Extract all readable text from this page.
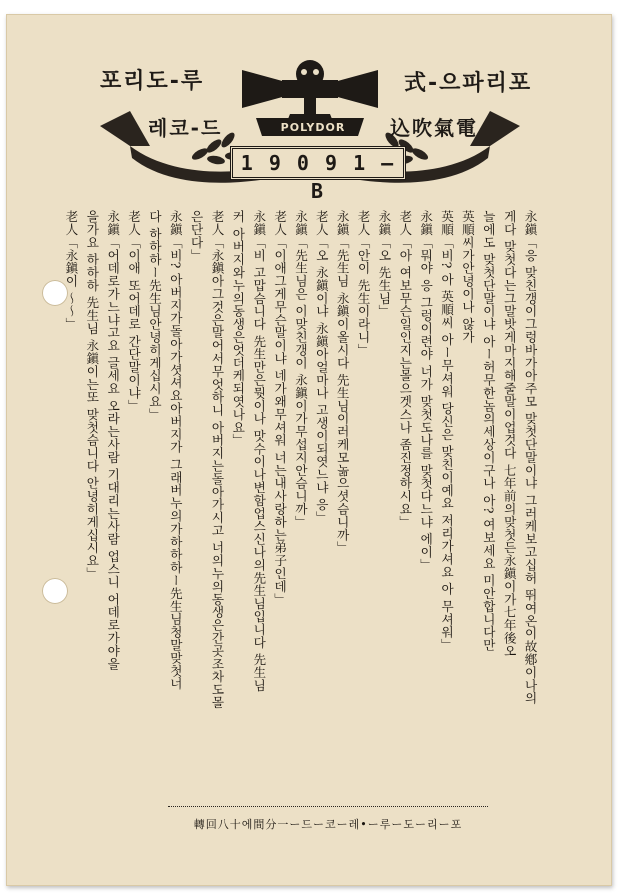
포리도-루
레코-드
式-으파리포
込吹氣電
POLYDOR
1 9 0 9 1 — B
永鎭「응 맞친갱이그렁바가아주모 맞첫단말이냐 그러케보고십허 뛰여온이故鄕이나의
게다 맞첫다는그말밧게마지해줄말이업것다 七年前의맞첫든永鎭이가七年後오
늘에도 맞첫단말이냐 아ー허무한놈의세상이구나 아? 여보세요 미안합니다만
英順씨가안녕이나 않가
英順「비? 아 英順씨 아ー무셔워 당신은 맞친이예요 저리가셔요 아 무셔워」
永鎭「뭐야 응 그렁이련야 너가 맞첫도나를 맞첫다느냐 에이」
老人「아 여보무슨일인지는몰으겟스나 좀진정하시요」
永鎭「오 先生님」
老人「안이 先生이라니」
永鎭「先生님 永鎭이올시다 先生님이러케모놂으셧슴니까」
老人「오 永鎭이냐 永鎭아얼마나 고생이되엿느냐 응」
永鎭「先生님은 이맞친갱이 永鎭이가무섭지안슴니까」
老人「이애그게무슨말이냐 네가왜무셔워 너는내사랑하는弟子인데」
永鎭「비 고맙슴니다 先生만은뭣이나 맛수이나변함업스신나의先生님입니다 先生님
커 아버지와누의동생은엇더케되엿나요」
老人「永鎭아그것은말어서무엇하니 아버지는돌아가시고 너의누의동생은간곳조차도몰
은단다」
永鎭「비? 아버지가돌아가셧셔요아버지가 그래버누의가하하하ー先生님청말맞첫너
다 하하하ー先生님안녕히게십시요」
老人「이애 또어데로 간단말이냐」
永鎭「어데로가느냐고요 글세요 오라는사람 기대리는사람 업스니 어데로가야을
을가요 하하하 先生님 永鎭이는또 맞첫슴니다 안녕히게십시요」
老人「永鎭이 〜〜」
轉回八十에間分一ー드ー코ー레•ー루ー도ー리ー포
